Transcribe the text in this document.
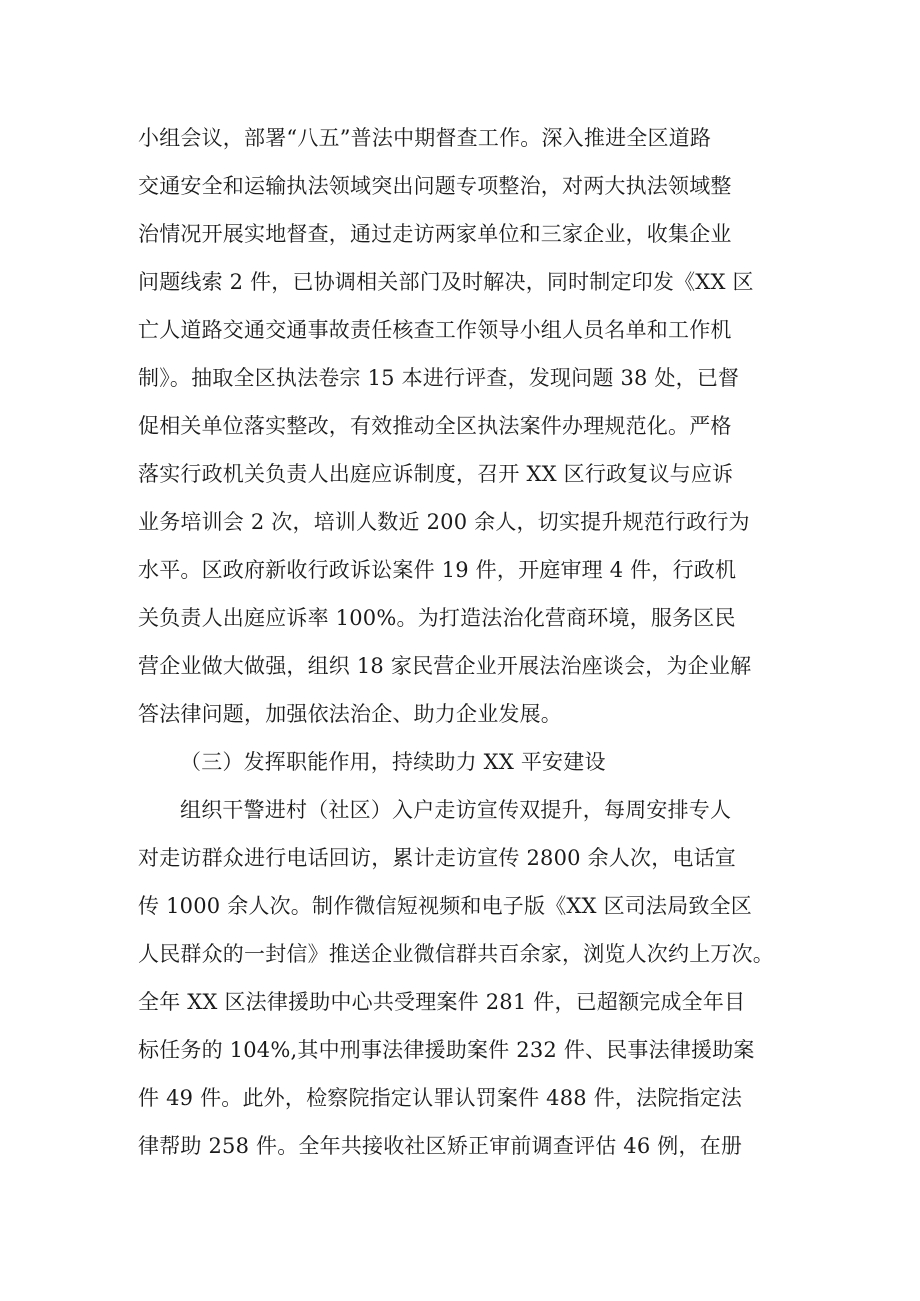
小组会议，部署“八五”普法中期督查工作。深入推进全区道路
交通安全和运输执法领域突出问题专项整治，对两大执法领域整
治情况开展实地督查，通过走访两家单位和三家企业，收集企业
问题线索 2 件，已协调相关部门及时解决，同时制定印发《XX 区
亡人道路交通交通事故责任核查工作领导小组人员名单和工作机
制》。抽取全区执法卷宗 15 本进行评查，发现问题 38 处，已督
促相关单位落实整改，有效推动全区执法案件办理规范化。严格
落实行政机关负责人出庭应诉制度，召开 XX 区行政复议与应诉
业务培训会 2 次，培训人数近 200 余人，切实提升规范行政行为
水平。区政府新收行政诉讼案件 19 件，开庭审理 4 件，行政机
关负责人出庭应诉率 100%。为打造法治化营商环境，服务区民
营企业做大做强，组织 18 家民营企业开展法治座谈会，为企业解
答法律问题，加强依法治企、助力企业发展。
（三）发挥职能作用，持续助力 XX 平安建设
组织干警进村（社区）入户走访宣传双提升，每周安排专人
对走访群众进行电话回访，累计走访宣传 2800 余人次，电话宣
传 1000 余人次。制作微信短视频和电子版《XX 区司法局致全区
人民群众的一封信》推送企业微信群共百余家，浏览人次约上万次。
全年 XX 区法律援助中心共受理案件 281 件，已超额完成全年目
标任务的 104%,其中刑事法律援助案件 232 件、民事法律援助案
件 49 件。此外，检察院指定认罪认罚案件 488 件，法院指定法
律帮助 258 件。全年共接收社区矫正审前调查评估 46 例，在册
